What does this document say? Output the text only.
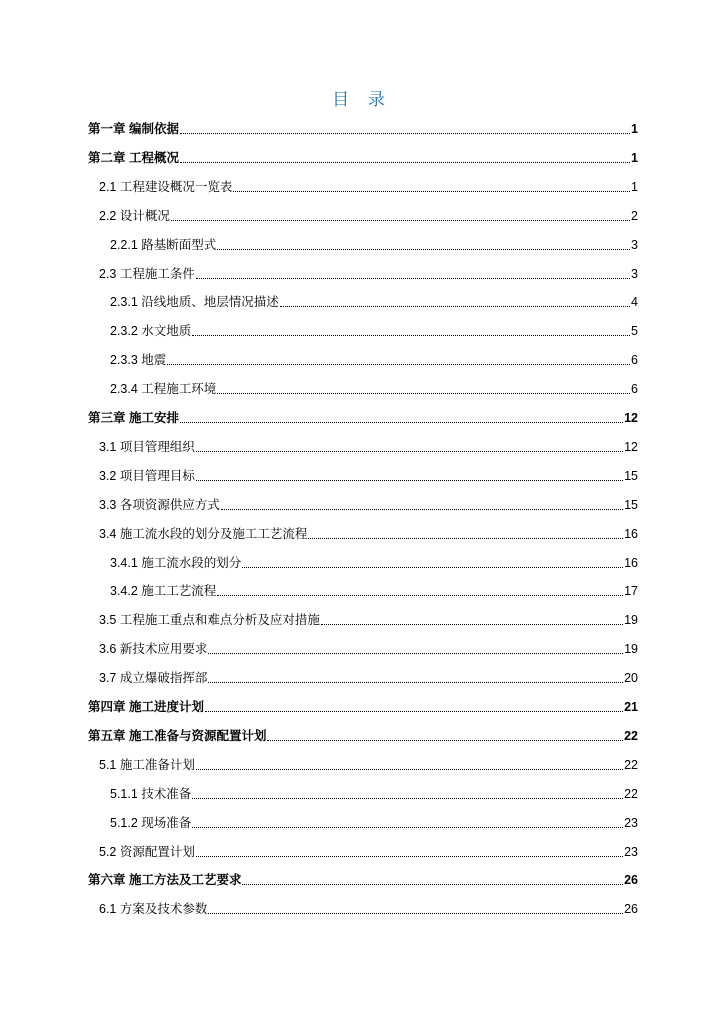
目 录
第一章 编制依据	1
第二章 工程概况	1
2.1 工程建设概况一览表	1
2.2 设计概况	2
2.2.1 路基断面型式	3
2.3 工程施工条件	3
2.3.1 沿线地质、地层情况描述	4
2.3.2 水文地质	5
2.3.3 地震	6
2.3.4 工程施工环境	6
第三章 施工安排	12
3.1 项目管理组织	12
3.2 项目管理目标	15
3.3 各项资源供应方式	15
3.4 施工流水段的划分及施工工艺流程	16
3.4.1 施工流水段的划分	16
3.4.2 施工工艺流程	17
3.5 工程施工重点和难点分析及应对措施	19
3.6 新技术应用要求	19
3.7 成立爆破指挥部	20
第四章 施工进度计划	21
第五章 施工准备与资源配置计划	22
5.1 施工准备计划	22
5.1.1 技术准备	22
5.1.2 现场准备	23
5.2 资源配置计划	23
第六章 施工方法及工艺要求	26
6.1 方案及技术参数	26
